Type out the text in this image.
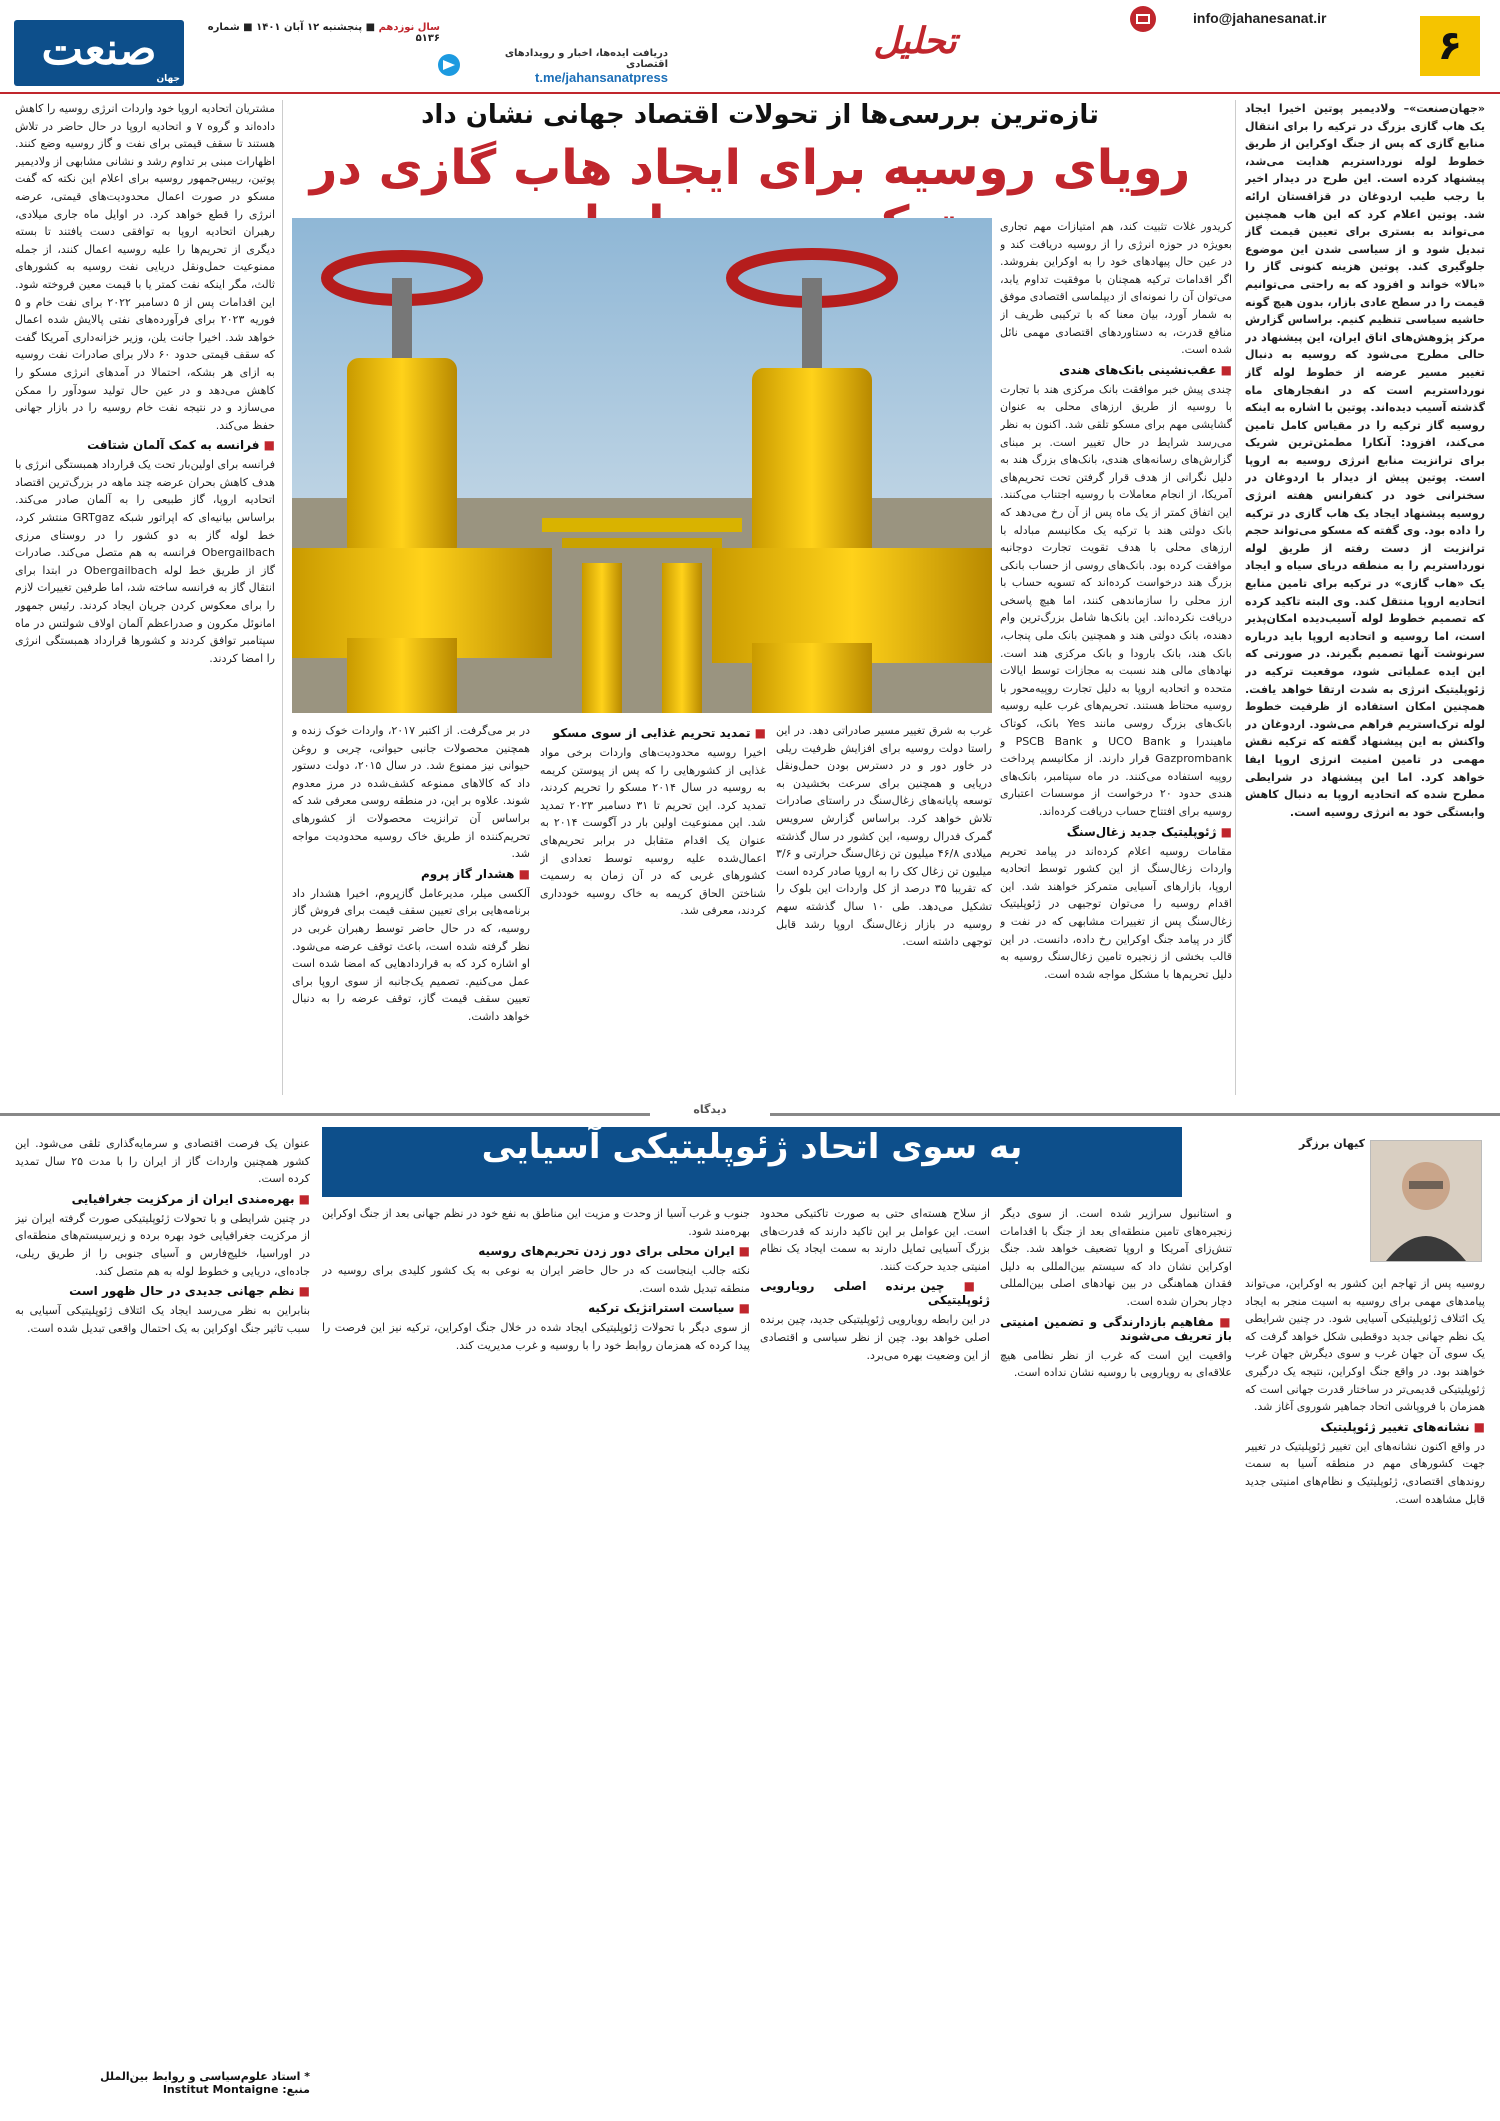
۶
info@jahanesanat.ir
تحلیل
دریافت ایده‌ها، اخبار و رویدادهای اقتصادی
t.me/jahansanatpress
سال نوزدهم ■ پنجشنبه ۱۲ آبان ۱۴۰۱ ■ شماره ۵۱۳۶
صنعت
جهان
تازه‌ترین بررسی‌ها از تحولات اقتصاد جهانی نشان داد
رویای روسیه برای ایجاد هاب گازی در

«جهان‌صنعت»– ولادیمیر پوتین اخیرا ایجاد یک هاب گازی بزرگ در ترکیه را برای انتقال منابع گازی که پس از جنگ اوکراین از طریق خطوط لوله نورداستریم هدایت می‌شد، پیشنهاد کرده است. این طرح در دیدار اخیر با رجب طیب اردوغان در قزاقستان ارائه شد. پوتین اعلام کرد که این هاب همچنین می‌تواند به بستری برای تعیین قیمت گاز تبدیل شود و از سیاسی شدن این موضوع جلوگیری کند. پوتین هزینه کنونی گاز را «بالا» خواند و افزود که به راحتی می‌توانیم قیمت را در سطح عادی بازار، بدون هیچ گونه حاشیه سیاسی تنظیم کنیم. براساس گزارش مرکز پژوهش‌های اتاق ایران، این پیشنهاد در حالی مطرح می‌شود که روسیه به دنبال تغییر مسیر عرضه از خطوط لوله گاز نورداستریم است که در انفجارهای ماه گذشته آسیب دیده‌اند. پوتین با اشاره به اینکه روسیه گاز ترکیه را در مقیاس کامل تامین می‌کند، افزود: آنکارا مطمئن‌ترین شریک برای ترانزیت منابع انرژی روسیه به اروپا است. پوتین پیش از دیدار با اردوغان در سخنرانی خود در کنفرانس هفته انرژی روسیه پیشنهاد ایجاد یک هاب گازی در ترکیه را داده بود. وی گفته که مسکو می‌تواند حجم ترانزیت از دست رفته از طریق لوله نورداستریم را به منطقه دریای سیاه و ایجاد یک «هاب گازی» در ترکیه برای تامین منابع اتحادیه اروپا منتقل کند. وی البته تاکید کرده که تصمیم خطوط لوله آسیب‌دیده امکان‌پذیر است، اما روسیه و اتحادیه اروپا باید درباره سرنوشت آنها تصمیم بگیرند. در صورتی که این ایده عملیاتی شود، موقعیت ترکیه در ژئوپلیتیک انرژی به شدت ارتقا خواهد یافت. همچنین امکان استفاده از ظرفیت خطوط لوله ترک‌استریم فراهم می‌شود. اردوغان در واکنش به این پیشنهاد گفته که ترکیه نقش مهمی در تامین امنیت انرژی اروپا ایفا خواهد کرد. اما این پیشنهاد در شرایطی مطرح شده که اتحادیه اروپا به دنبال کاهش وابستگی خود به انرژی روسیه است.

مشتریان اتحادیه اروپا خود واردات انرژی روسیه را کاهش داده‌اند و گروه ۷ و اتحادیه اروپا در حال حاضر در تلاش هستند تا سقف قیمتی برای نفت و گاز روسیه وضع کنند. اظهارات مبنی بر تداوم رشد و نشانی مشابهی از ولادیمیر پوتین، رییس‌جمهور روسیه برای اعلام این نکته که گفت مسکو در صورت اعمال محدودیت‌های قیمتی، عرضه انرژی را قطع خواهد کرد. در اوایل ماه جاری میلادی، رهبران اتحادیه اروپا به توافقی دست یافتند تا بسته دیگری از تحریم‌ها را علیه روسیه اعمال کنند، از جمله ممنوعیت حمل‌ونقل دریایی نفت روسیه به کشورهای ثالث، مگر اینکه نفت کمتر یا با قیمت معین فروخته شود. این اقدامات پس از ۵ دسامبر ۲۰۲۲ برای نفت خام و ۵ فوریه ۲۰۲۳ برای فرآورده‌های نفتی پالایش شده اعمال خواهد شد. اخیرا جانت یلن، وزیر خزانه‌داری آمریکا گفت که سقف قیمتی حدود ۶۰ دلار برای صادرات نفت روسیه به ازای هر بشکه، احتمالا در آمدهای انرژی مسکو را کاهش می‌دهد و در عین حال تولید سودآور را ممکن می‌سازد و در نتیجه نفت خام روسیه را در بازار جهانی حفظ می‌کند.

■ فرانسه به کمک آلمان شتافت

فرانسه برای اولین‌بار تحت یک قرارداد همبستگی انرژی با هدف کاهش بحران عرضه چند ماهه در بزرگ‌ترین اقتصاد اتحادیه اروپا، گاز طبیعی را به آلمان صادر می‌کند. براساس بیانیه‌ای که اپراتور شبکه GRTgaz منتشر کرد، خط لوله گاز به دو کشور را در روستای مرزی Obergailbach فرانسه به هم متصل می‌کند. صادرات گاز از طریق خط لوله Obergailbach در ابتدا برای انتقال گاز به فرانسه ساخته شد، اما طرفین تغییرات لازم را برای معکوس کردن جریان ایجاد کردند. رئیس جمهور امانوئل مکرون و صدراعظم آلمان اولاف شولتس در ماه سپتامبر توافق کردند و کشورها قرارداد همبستگی انرژی را امضا کردند.

کریدور غلات تثبیت کند، هم امتیازات مهم تجاری بعویژه در حوزه انرژی را از روسیه دریافت کند و در عین حال پیهادهای خود را به اوکراین بفروشد. اگر اقدامات ترکیه همچنان با موفقیت تداوم یابد، می‌توان آن را نمونه‌ای از دیپلماسی اقتصادی موفق به شمار آورد، بیان معنا که با ترکیبی ظریف از منافع قدرت، به دستاوردهای اقتصادی مهمی نائل شده است.

■ عقب‌نشینی بانک‌های هندی

چندی پیش خبر موافقت بانک مرکزی هند با تجارت با روسیه از طریق ارزهای محلی به عنوان گشایشی مهم برای مسکو تلقی شد. اکنون به نظر می‌رسد شرایط در حال تغییر است. بر مبنای گزارش‌های رسانه‌های هندی، بانک‌های بزرگ هند به دلیل نگرانی از هدف قرار گرفتن تحت تحریم‌های آمریکا، از انجام معاملات با روسیه اجتناب می‌کنند. این اتفاق کمتر از یک ماه پس از آن رخ می‌دهد که بانک دولتی هند با ترکیه یک مکانیسم مبادله با ارزهای محلی با هدف تقویت تجارت دوجانبه موافقت کرده بود. بانک‌های روسی از حساب بانکی بزرگ هند درخواست کرده‌اند که تسویه حساب با ارز محلی را سازماندهی کنند، اما هیچ پاسخی دریافت نکرده‌اند. این بانک‌ها شامل بزرگ‌ترین وام دهنده، بانک دولتی هند و همچنین بانک ملی پنجاب، بانک هند، بانک بارودا و بانک مرکزی هند است. نهادهای مالی هند نسبت به مجازات توسط ایالات متحده و اتحادیه اروپا به دلیل تجارت روپیه‌محور با روسیه محتاط هستند. تحریم‌های غرب علیه روسیه بانک‌های بزرگ روسی مانند Yes بانک، کوتاک ماهیندرا و UCO Bank و PSCB Bank و Gazprombank قرار دارند. از مکانیسم پرداخت روپیه استفاده می‌کنند. در ماه سپتامبر، بانک‌های هندی حدود ۲۰ درخواست از موسسات اعتباری روسیه برای افتتاح حساب دریافت کرده‌اند.

■ ژئوپلیتیک جدید زغال‌سنگ

مقامات روسیه اعلام کرده‌اند در پیامد تحریم واردات زغال‌سنگ از این کشور توسط اتحادیه اروپا، بازارهای آسیایی متمرکز خواهند شد. این اقدام روسیه را می‌توان توجیهی در ژئوپلیتیک زغال‌سنگ پس از تغییرات مشابهی که در نفت و گاز در پیامد جنگ اوکراین رخ داده، دانست. در این قالب بخشی از زنجیره تامین زغال‌سنگ روسیه به دلیل تحریم‌ها با مشکل مواجه شده است.

غرب به شرق تغییر مسیر صادراتی دهد. در این راستا دولت روسیه برای افزایش ظرفیت ریلی در خاور دور و در دسترس بودن حمل‌ونقل دریایی و همچنین برای سرعت بخشیدن به توسعه پایانه‌های زغال‌سنگ در راستای صادرات تلاش خواهد کرد. براساس گزارش سرویس گمرک فدرال روسیه، این کشور در سال گذشته میلادی ۴۶/۸ میلیون تن زغال‌سنگ حرارتی و ۳/۶ میلیون تن زغال کک را به اروپا صادر کرده است که تقریبا ۳۵ درصد از کل واردات این بلوک را تشکیل می‌دهد. طی ۱۰ سال گذشته سهم روسیه در بازار زغال‌سنگ اروپا رشد قابل توجهی داشته است.

■ تمدید تحریم غذایی از سوی مسکو

اخیرا روسیه محدودیت‌های واردات برخی مواد غذایی از کشورهایی را که پس از پیوستن کریمه به روسیه در سال ۲۰۱۴ مسکو را تحریم کردند، تمدید کرد. این تحریم تا ۳۱ دسامبر ۲۰۲۳ تمدید شد. این ممنوعیت اولین بار در آگوست ۲۰۱۴ به عنوان یک اقدام متقابل در برابر تحریم‌های اعمال‌شده علیه روسیه توسط تعدادی از کشورهای غربی که در آن زمان به رسمیت شناختن الحاق کریمه به خاک روسیه خودداری کردند، معرفی شد.

در بر می‌گرفت. از اکتبر ۲۰۱۷، واردات خوک زنده و همچنین محصولات جانبی حیوانی، چربی و روغن حیوانی نیز ممنوع شد. در سال ۲۰۱۵، دولت دستور داد که کالاهای ممنوعه کشف‌شده در مرز معدوم شوند. علاوه بر این، در منطقه روسی معرفی شد که براساس آن ترانزیت محصولات از کشورهای تحریم‌کننده از طریق خاک روسیه محدودیت مواجه شد.

■ هشدار گاز پروم

آلکسی میلر، مدیرعامل گازپروم، اخیرا هشدار داد برنامه‌هایی برای تعیین سقف قیمت برای فروش گاز روسیه، که در حال حاضر توسط رهبران غربی در نظر گرفته شده است، باعث توقف عرضه می‌شود. او اشاره کرد که به قراردادهایی که امضا شده است عمل می‌کنیم. تصمیم یک‌جانبه از سوی اروپا برای تعیین سقف قیمت گاز، توقف عرضه را به دنبال خواهد داشت.

دیدگاه
به سوی اتحاد ژئوپلیتیکی آسیایی	کیهان برزگر

روسیه پس از تهاجم این کشور به اوکراین، می‌تواند پیامدهای مهمی برای روسیه به اسیت منجر به ایجاد یک ائتلاف ژئوپلیتیکی آسیایی شود. در چنین شرایطی یک نظم جهانی جدید دوقطبی شکل خواهد گرفت که یک سوی آن جهان غرب و سوی دیگرش جهان غرب خواهند بود. در واقع جنگ اوکراین، نتیجه یک درگیری ژئوپلیتیکی قدیمی‌تر در ساختار قدرت جهانی است که همزمان با فروپاشی اتحاد جماهیر شوروی آغاز شد.

■ نشانه‌های تغییر ژئوپلیتیک

در واقع اکنون نشانه‌های این تغییر ژئوپلیتیک در تغییر جهت کشورهای مهم در منطقه آسیا به سمت روندهای اقتصادی، ژئوپلیتیک و نظام‌های امنیتی جدید قابل مشاهده است.

و استانبول سرازیر شده است. از سوی دیگر زنجیره‌های تامین منطقه‌ای بعد از جنگ با اقدامات تنش‌زای آمریکا و اروپا تضعیف خواهد شد. جنگ اوکراین نشان داد که سیستم بین‌المللی به دلیل فقدان هماهنگی در بین نهادهای اصلی بین‌المللی دچار بحران شده است.

■ مفاهیم بازدارندگی و تضمین امنیتی باز تعریف می‌شوند

واقعیت این است که غرب از نظر نظامی هیچ علاقه‌ای به رویارویی با روسیه نشان نداده است.

از سلاح هسته‌ای حتی به صورت تاکتیکی محدود است. این عوامل بر این تاکید دارند که قدرت‌های بزرگ آسیایی تمایل دارند به سمت ایجاد یک نظام امنیتی جدید حرکت کنند.

■ چین برنده اصلی رویارویی ژئوپلیتیکی

در این رابطه رویارویی ژئوپلیتیکی جدید، چین برنده اصلی خواهد بود. چین از نظر سیاسی و اقتصادی از این وضعیت بهره می‌برد.

جنوب و غرب آسیا از وحدت و مزیت این مناطق به نفع خود در نظم جهانی بعد از جنگ اوکراین بهره‌مند شود.

■ ایران محلی برای دور زدن تحریم‌های روسیه

نکته جالب اینجاست که در حال حاضر ایران به نوعی به یک کشور کلیدی برای روسیه در منطقه تبدیل شده است.

■ سیاست استراتژیک ترکیه

از سوی دیگر با تحولات ژئوپلیتیکی ایجاد شده در خلال جنگ اوکراین، ترکیه نیز این فرصت را پیدا کرده که همزمان روابط خود را با روسیه و غرب مدیریت کند.

عنوان یک فرصت اقتصادی و سرمایه‌گذاری تلقی می‌شود. این کشور همچنین واردات گاز از ایران را با مدت ۲۵ سال تمدید کرده است.

■ بهره‌مندی ایران از مرکزیت جغرافیایی

در چنین شرایطی و با تحولات ژئوپلیتیکی صورت گرفته ایران نیز از مرکزیت جغرافیایی خود بهره برده و زیرسیستم‌های منطقه‌ای در اوراسیا، خلیج‌فارس و آسیای جنوبی را از طریق ریلی، جاده‌ای، دریایی و خطوط لوله به هم متصل کند.

■ نظم جهانی جدیدی در حال ظهور است

بنابراین به نظر می‌رسد ایجاد یک ائتلاف ژئوپلیتیکی آسیایی به سبب تاثیر جنگ اوکراین به یک احتمال واقعی تبدیل شده است.

* استاد علوم‌سیاسی و روابط بین‌الملل
منبع: Institut Montaigne
